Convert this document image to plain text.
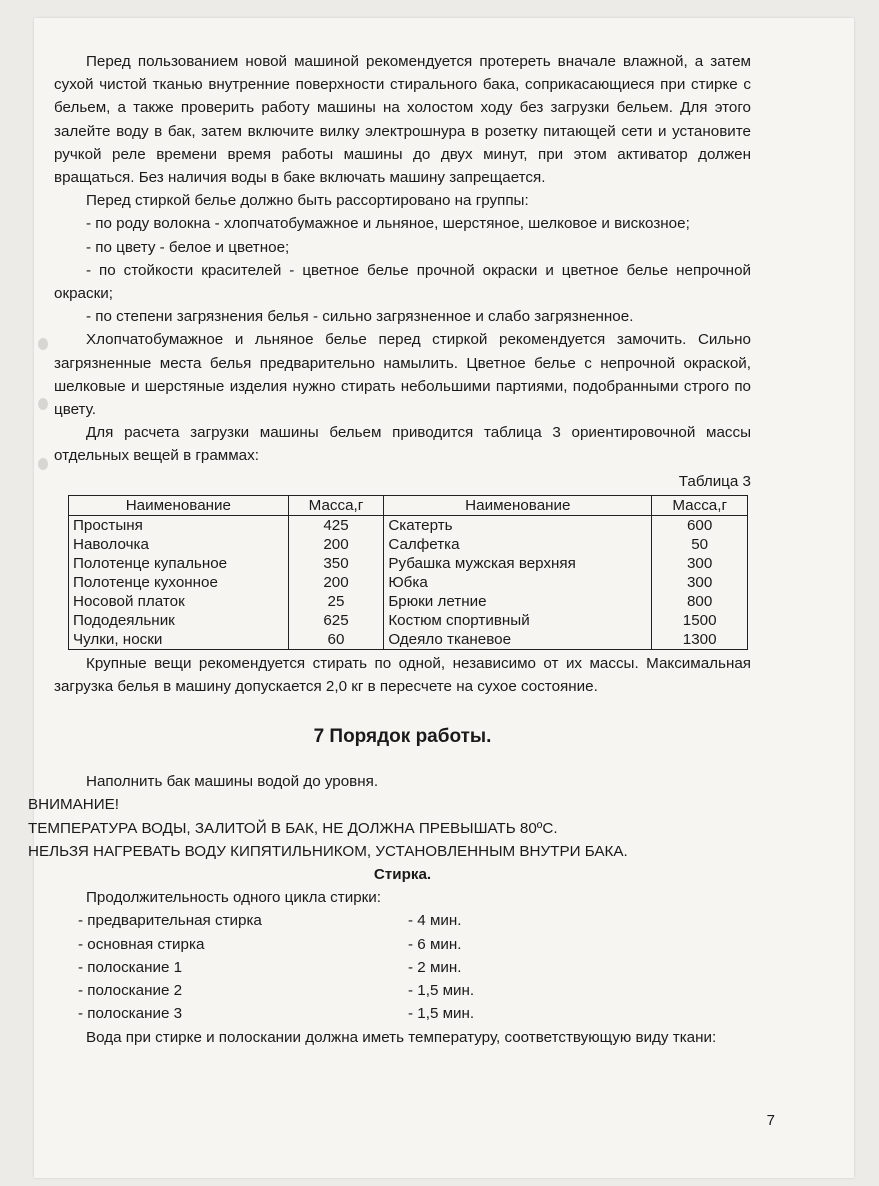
Перед пользованием новой машиной рекомендуется протереть вначале влажной, а затем сухой чистой тканью внутренние поверхности стирального бака, соприкасающиеся при стирке с бельем, а также проверить работу машины на холостом ходу без загрузки бельем. Для этого залейте воду в бак, затем включите вилку электрошнура в розетку питающей сети и установите ручкой реле времени время работы машины до двух минут, при этом активатор должен вращаться. Без наличия воды в баке включать машину запрещается.

Перед стиркой белье должно быть рассортировано на группы:

- по роду волокна - хлопчатобумажное и льняное, шерстяное, шелковое и вискозное;

- по цвету - белое и цветное;

- по стойкости красителей - цветное белье прочной окраски и цветное белье непрочной окраски;

- по степени загрязнения белья - сильно загрязненное и слабо загрязненное.

Хлопчатобумажное и льняное белье перед стиркой рекомендуется замочить. Сильно загрязненные места белья предварительно намылить. Цветное белье с непрочной окраской, шелковые и шерстяные изделия нужно стирать небольшими партиями, подобранными строго по цвету.

Для расчета загрузки машины бельем приводится таблица 3 ориентировочной массы отдельных вещей в граммах:

Таблица 3

Наименование	Масса,г	Наименование	Масса,г
Простыня	425	Скатерть	600
Наволочка	200	Салфетка	50
Полотенце купальное	350	Рубашка мужская верхняя	300
Полотенце кухонное	200	Юбка	300
Носовой платок	25	Брюки летние	800
Пододеяльник	625	Костюм спортивный	1500
Чулки, носки	60	Одеяло тканевое	1300

Крупные вещи рекомендуется стирать по одной, независимо от их массы. Максимальная загрузка белья в машину допускается 2,0 кг в пересчете на сухое состояние.

7 Порядок работы.

Наполнить бак машины водой до уровня.

ВНИМАНИЕ!

ТЕМПЕРАТУРА ВОДЫ, ЗАЛИТОЙ В БАК, НЕ ДОЛЖНА ПРЕВЫШАТЬ 80ºС.

НЕЛЬЗЯ НАГРЕВАТЬ ВОДУ КИПЯТИЛЬНИКОМ, УСТАНОВЛЕННЫМ ВНУТРИ БАКА.

Стирка.

Продолжительность одного цикла стирки:

- предварительная стирка	- 4 мин.
- основная стирка	- 6 мин.
- полоскание 1	- 2 мин.
- полоскание 2	- 1,5 мин.
- полоскание 3	- 1,5 мин.

Вода при стирке и полоскании должна иметь температуру, соответствующую виду ткани:

7
